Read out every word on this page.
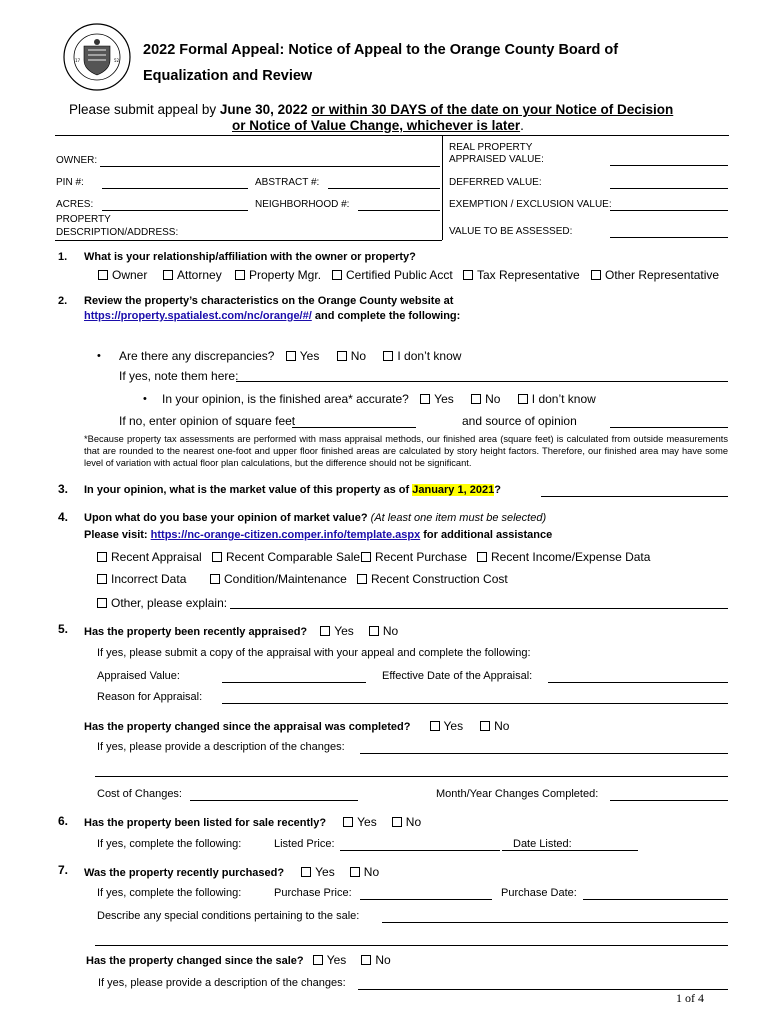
17	52
2022 Formal Appeal: Notice of Appeal to the Orange County Board of
Equalization and Review
Please submit appeal by June 30, 2022 or within 30 DAYS of the date on your Notice of Decision
or Notice of Value Change, whichever is later.
OWNER:
PIN #:	ABSTRACT #:
ACRES:	NEIGHBORHOOD #:
PROPERTY
DESCRIPTION/ADDRESS:
REAL PROPERTY
APPRAISED VALUE:
DEFERRED VALUE:
EXEMPTION / EXCLUSION VALUE:
VALUE TO BE ASSESSED:
1. What is your relationship/affiliation with the owner or property?
Owner	Attorney	Property Mgr.	Certified Public Acct	Tax Representative	Other Representative
2. Review the property’s characteristics on the Orange County website at
https://property.spatialest.com/nc/orange/#/ and complete the following:
• Are there any discrepancies? Yes	No	I don’t know
If yes, note them here:
• In your opinion, is the finished area* accurate? Yes	No	I don’t know
If no, enter opinion of square feet	and source of opinion
*Because property tax assessments are performed with mass appraisal methods, our finished area (square feet) is calculated from outside measurements that are rounded to the nearest one-foot and upper floor finished areas are calculated by story height factors. Therefore, our finished area may have some level of variation with actual floor plan calculations, but the difference should not be significant.
3. In your opinion, what is the market value of this property as of January 1, 2021?
4. Upon what do you base your opinion of market value? (At least one item must be selected)
Please visit: https://nc-orange-citizen.comper.info/template.aspx for additional assistance
Recent Appraisal	Recent Comparable Sale	Recent Purchase	Recent Income/Expense Data
Incorrect Data	Condition/Maintenance	Recent Construction Cost
Other, please explain:
5. Has the property been recently appraised? Yes No
If yes, please submit a copy of the appraisal with your appeal and complete the following:
Appraised Value:	Effective Date of the Appraisal:
Reason for Appraisal:
Has the property changed since the appraisal was completed?	Yes	No
If yes, please provide a description of the changes:
Cost of Changes:	Month/Year Changes Completed:
6. Has the property been listed for sale recently?	Yes No
If yes, complete the following:	Listed Price:	Date Listed:
7. Was the property recently purchased?	Yes No
If yes, complete the following:	Purchase Price:	Purchase Date:
Describe any special conditions pertaining to the sale:
Has the property changed since the sale? Yes No
If yes, please provide a description of the changes:
1 of 4
